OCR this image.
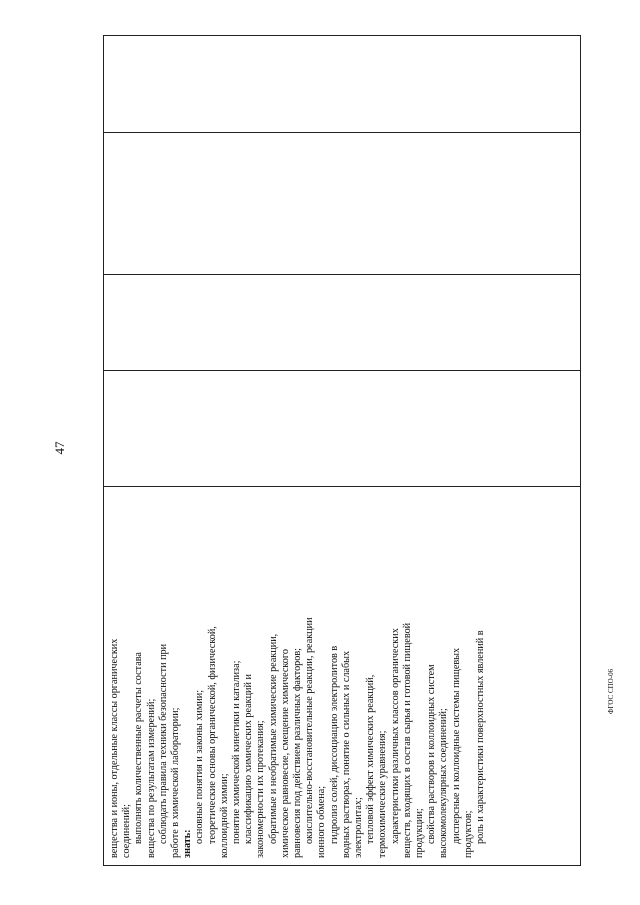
вещества и ионы, отдельные классы органических соединений; выполнять количественные расчеты состава вещества по результатам измерений; соблюдать правила техники безопасности при работе в химической лаборатории; знать: основные понятия и законы химии; теоретические основы органической, физической, коллоидной химии; понятие химической кинетики и катализа; классификацию химических реакций и закономерности их протекания; обратимые и необратимые химические реакции, химическое равновесие, смещение химического равновесия под действием различных факторов; окислительно-восстановительные реакции, реакции ионного обмена; гидролиз солей, диссоциацию электролитов в водных растворах, понятие о сильных и слабых электролитах; тепловой эффект химических реакций, термохимические уравнения; характеристики различных классов органических веществ, входящих в состав сырья и готовой пищевой продукции; свойства растворов и коллоидных систем высокомолекулярных соединений; дисперсные и коллоидные системы пищевых продуктов; роль и характеристики поверхностных явлений в
47
ФГОС СПО-06
